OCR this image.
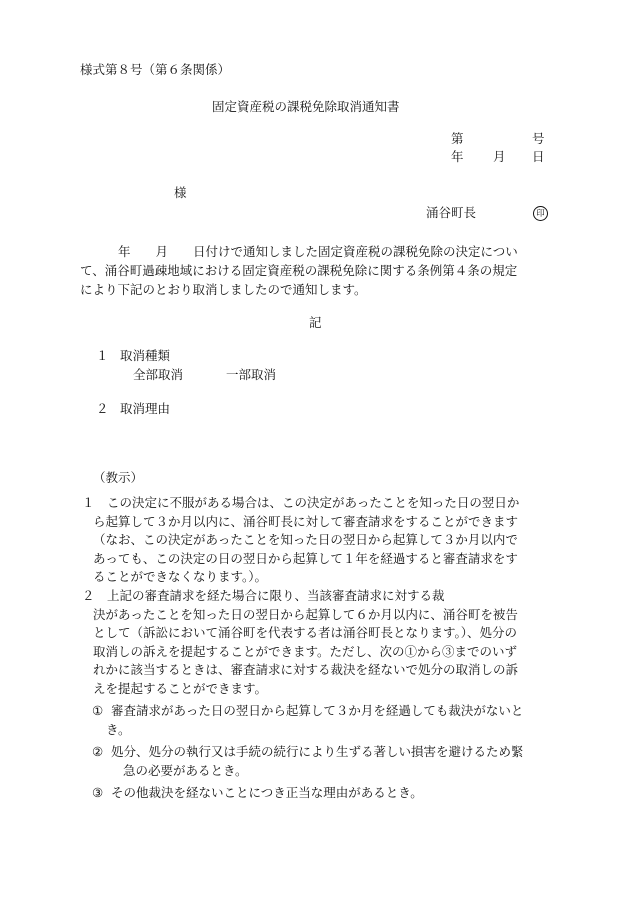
様式第８号（第６条関係）
固定資産税の課税免除取消通知書
第	号
年 月 日
様
涌谷町長	印
年　　月　　日付けで通知しました固定資産税の課税免除の決定につい
て、涌谷町過疎地域における固定資産税の課税免除に関する条例第４条の規定
により下記のとおり取消しましたので通知します。
記
１ 取消種類
全部取消	一部取消
２ 取消理由
（教示）
１ この決定に不服がある場合は、この決定があったことを知った日の翌日か
ら起算して３か月以内に、涌谷町長に対して審査請求をすることができます
（なお、この決定があったことを知った日の翌日から起算して３か月以内で
あっても、この決定の日の翌日から起算して１年を経過すると審査請求をす
ることができなくなります。）。
２ 上記の審査請求を経た場合に限り、当該審査請求に対する裁
決があったことを知った日の翌日から起算して６か月以内に、涌谷町を被告
として（訴訟において涌谷町を代表する者は涌谷町長となります。）、処分の
取消しの訴えを提起することができます。ただし、次の①から③までのいず
れかに該当するときは、審査請求に対する裁決を経ないで処分の取消しの訴
えを提起することができます。
① 審査請求があった日の翌日から起算して３か月を経過しても裁決がないと
き。
② 処分、処分の執行又は手続の続行により生ずる著しい損害を避けるため緊
急の必要があるとき。
③ その他裁決を経ないことにつき正当な理由があるとき。
